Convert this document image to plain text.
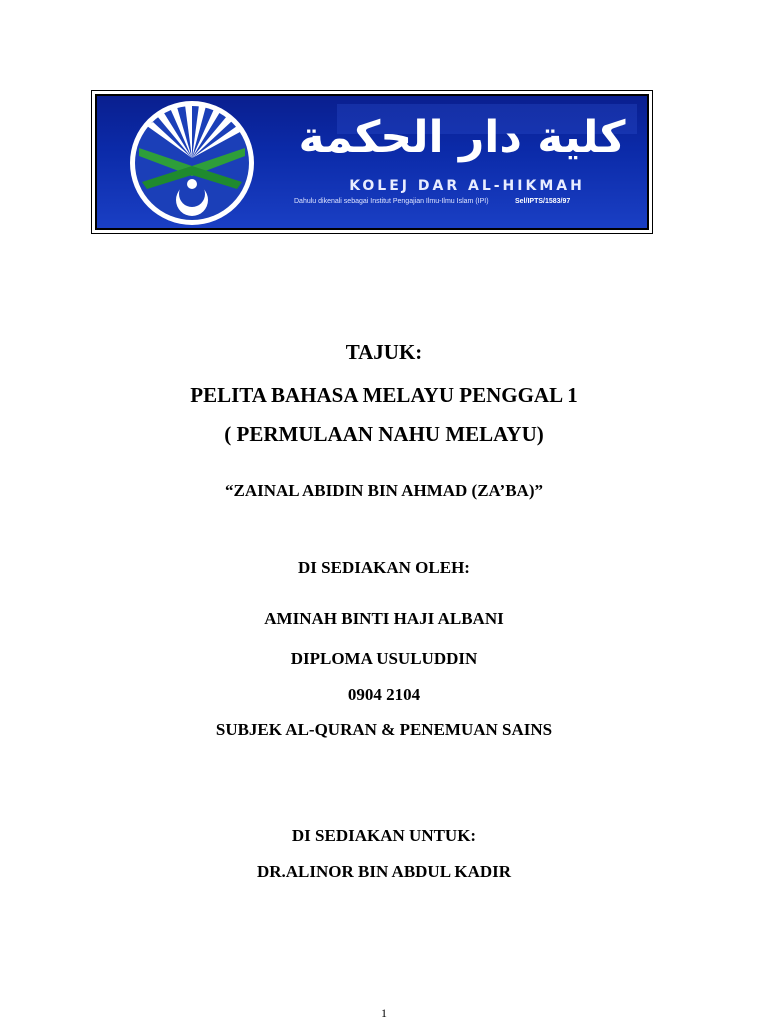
كلية دار الحكمة
KOLEJ DAR AL-HIKMAH
Dahulu dikenali sebagai Institut Pengajian Ilmu-Ilmu Islam (IPI)	Sel/IPTS/1583/97
TAJUK:
PELITA BAHASA MELAYU PENGGAL 1
( PERMULAAN NAHU MELAYU)
“ZAINAL ABIDIN BIN AHMAD (ZA’BA)”
DI SEDIAKAN OLEH:
AMINAH BINTI HAJI ALBANI
DIPLOMA USULUDDIN
0904 2104
SUBJEK AL-QURAN & PENEMUAN SAINS
DI SEDIAKAN UNTUK:
DR.ALINOR BIN ABDUL KADIR
1
